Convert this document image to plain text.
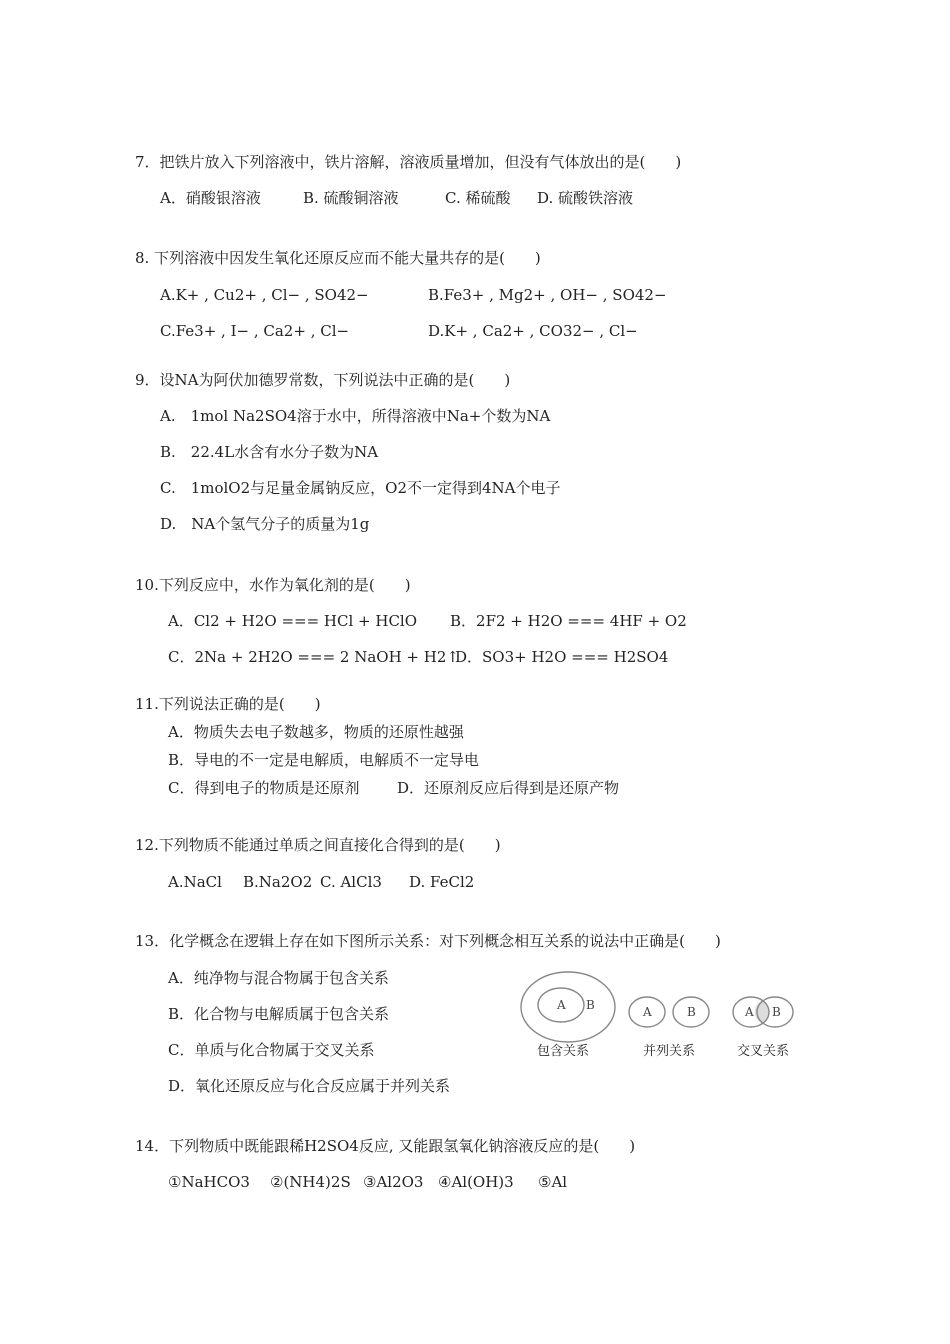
7．把铁片放入下列溶液中，铁片溶解，溶液质量增加，但没有气体放出的是(　　)
A．硝酸银溶液	B. 硫酸铜溶液	C. 稀硫酸 D. 硫酸铁溶液
8. 下列溶液中因发生氧化还原反应而不能大量共存的是(　　)
A.K+ , Cu2+ , Cl− , SO42−	B.Fe3+ , Mg2+ , OH− , SO42−
C.Fe3+ , I− , Ca2+ , Cl−	D.K+ , Ca2+ , CO32− , Cl−
9．设NA为阿伏加德罗常数，下列说法中正确的是(　　)
A.　1mol Na2SO4溶于水中，所得溶液中Na+个数为NA
B.　22.4L水含有水分子数为NA
C.　1molO2与足量金属钠反应，O2不一定得到4NA个电子
D.　NA个氢气分子的质量为1g
10.下列反应中，水作为氧化剂的是(　　)
A．Cl2 + H2O === HCl + HClO B．2F2 + H2O === 4HF + O2
C．2Na + 2H2O === 2 NaOH + H2↑
D．SO3+ H2O === H2SO4
11.下列说法正确的是(　　)
A．物质失去电子数越多，物质的还原性越强
B．导电的不一定是电解质，电解质不一定导电
C．得到电子的物质是还原剂	D．还原剂反应后得到是还原产物
12.下列物质不能通过单质之间直接化合得到的是(　　)
A.NaCl B.Na2O2 C. AlCl3 D. FeCl2
13．化学概念在逻辑上存在如下图所示关系：对下列概念相互关系的说法中正确是(　　)
A．纯净物与混合物属于包含关系
B．化合物与电解质属于包含关系
C．单质与化合物属于交叉关系
D．氧化还原反应与化合反应属于并列关系
A B	A	B	A B
包含关系	并列关系	交叉关系
14．下列物质中既能跟稀H2SO4反应, 又能跟氢氧化钠溶液反应的是(　　)
①NaHCO3 ②(NH4)2S ③Al2O3 ④Al(OH)3 ⑤Al
